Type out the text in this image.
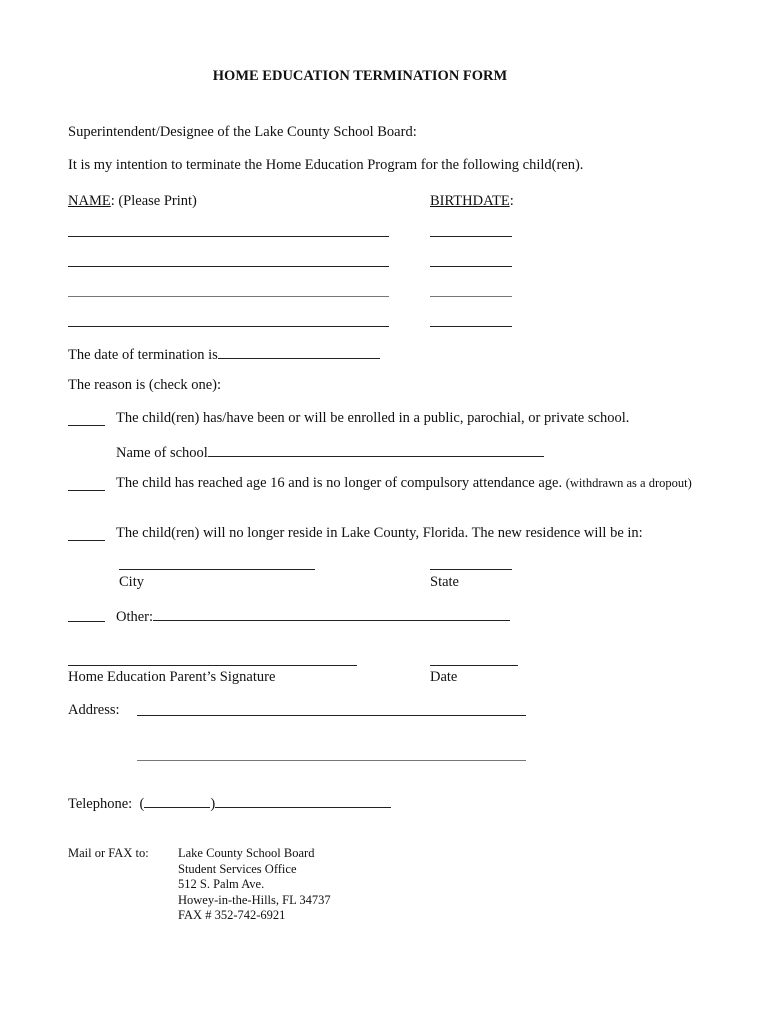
HOME EDUCATION TERMINATION FORM
Superintendent/Designee of the Lake County School Board:
It is my intention to terminate the Home Education Program for the following child(ren).
NAME: (Please Print)	BIRTHDATE:
The date of termination is
The reason is (check one):
The child(ren) has/have been or will be enrolled in a public, parochial, or private school.
Name of school
The child has reached age 16 and is no longer of compulsory attendance age. (withdrawn as a dropout)
The child(ren) will no longer reside in Lake County, Florida. The new residence will be in:
City	State
Other:
Home Education Parent’s Signature	Date
Address:
Telephone: (	)
Mail or FAX to: Lake County School Board
Student Services Office
512 S. Palm Ave.
Howey-in-the-Hills, FL 34737
FAX # 352-742-6921
